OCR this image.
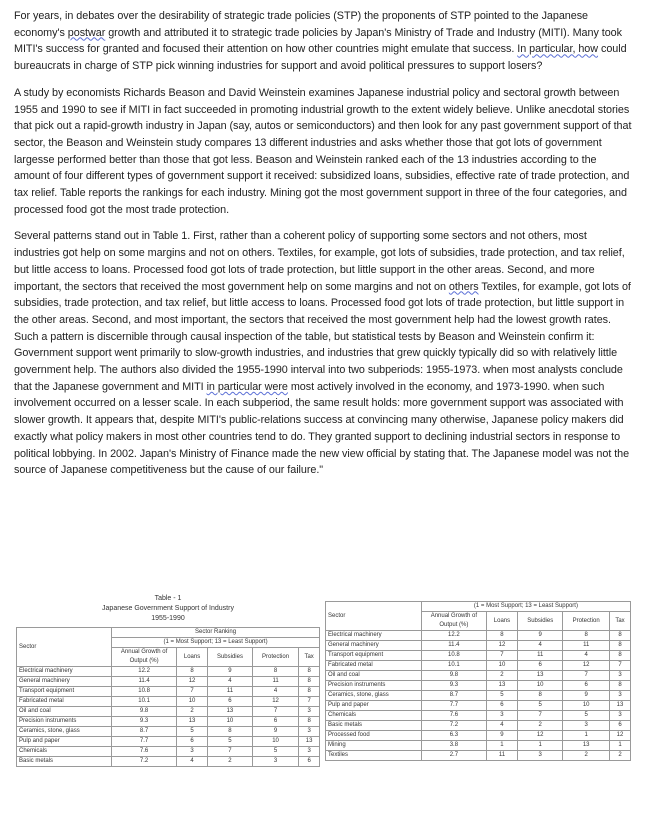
For years, in debates over the desirability of strategic trade policies (STP) the proponents of STP pointed to the Japanese economy's postwar growth and attributed it to strategic trade policies by Japan's Ministry of Trade and Industry (MITI). Many took MITI's success for granted and focused their attention on how other countries might emulate that success. In particular, how could bureaucrats in charge of STP pick winning industries for support and avoid political pressures to support losers?

A study by economists Richards Beason and David Weinstein examines Japanese industrial policy and sectoral growth between 1955 and 1990 to see if MITI in fact succeeded in promoting industrial growth to the extent widely believe. Unlike anecdotal stories that pick out a rapid-growth industry in Japan (say, autos or semiconductors) and then look for any past government support of that sector, the Beason and Weinstein study compares 13 different industries and asks whether those that got lots of government largesse performed better than those that got less. Beason and Weinstein ranked each of the 13 industries according to the amount of four different types of government support it received: subsidized loans, subsidies, effective rate of trade protection, and tax relief. Table reports the rankings for each industry. Mining got the most government support in three of the four categories, and processed food got the most trade protection.

Several patterns stand out in Table 1. First, rather than a coherent policy of supporting some sectors and not others, most industries got help on some margins and not on others. Textiles, for example, got lots of subsidies, trade protection, and tax relief, but little access to loans. Processed food got lots of trade protection, but little support in the other areas. Second, and more important, the sectors that received the most government help on some margins and not on others Textiles, for example, got lots of subsidies, trade protection, and tax relief, but little access to loans. Processed food got lots of trade protection, but little support in the other areas. Second, and most important, the sectors that received the most government help had the lowest growth rates. Such a pattern is discernible through causal inspection of the table, but statistical tests by Beason and Weinstein confirm it: Government support went primarily to slow-growth industries, and industries that grew quickly typically did so with relatively little government help. The authors also divided the 1955-1990 interval into two subperiods: 1955-1973. when most analysts conclude that the Japanese government and MITI in particular were most actively involved in the economy, and 1973-1990. when such involvement occurred on a lesser scale. In each subperiod, the same result holds: more government support was associated with slower growth. It appears that, despite MITI's public-relations success at convincing many otherwise, Japanese policy makers did exactly what policy makers in most other countries tend to do. They granted support to declining industrial sectors in response to political lobbying. In 2002. Japan's Ministry of Finance made the new view official by stating that. The Japanese model was not the source of Japanese competitiveness but the cause of our failure."

Table - 1
Japanese Government Support of Industry
1955-1990
Sector	Sector Ranking				
	(1 = Most Support; 13 = Least Support)				
	Annual Growth of Output (%)	Loans	Subsidies	Protection	Tax
Electrical machinery	12.2	8	9	8	8
General machinery	11.4	12	4	11	8
Transport equipment	10.8	7	11	4	8
Fabricated metal	10.1	10	6	12	7
Oil and coal	9.8	2	13	7	3
Precision instruments	9.3	13	10	6	8
Ceramics, stone, glass	8.7	5	8	9	3
Pulp and paper	7.7	6	5	10	13
Chemicals	7.6	3	7	5	3
Basic metals	7.2	4	2	3	6
Sector	(1 = Most Support; 13 = Least Support)				
	Annual Growth of Output (%)	Loans	Subsidies	Protection	Tax
Electrical machinery	12.2	8	9	8	8
General machinery	11.4	12	4	11	8
Transport equipment	10.8	7	11	4	8
Fabricated metal	10.1	10	6	12	7
Oil and coal	9.8	2	13	7	3
Precision instruments	9.3	13	10	6	8
Ceramics, stone, glass	8.7	5	8	9	3
Pulp and paper	7.7	6	5	10	13
Chemicals	7.6	3	7	5	3
Basic metals	7.2	4	2	3	6
Processed food	6.3	9	12	1	12
Mining	3.8	1	1	13	1
Textiles	2.7	11	3	2	2
